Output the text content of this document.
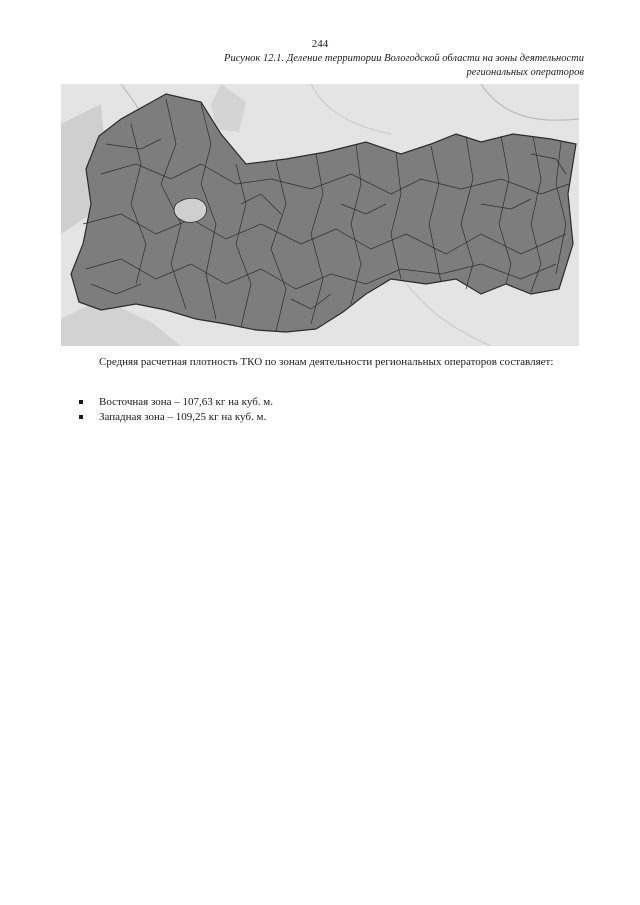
244
Рисунок 12.1. Деление территории Вологодской области на зоны деятельности
региональных операторов

Средняя расчетная плотность ТКО по зонам деятельности региональных операторов составляет:

Восточная зона – 107,63 кг на куб. м.
Западная зона – 109,25 кг на куб. м.
